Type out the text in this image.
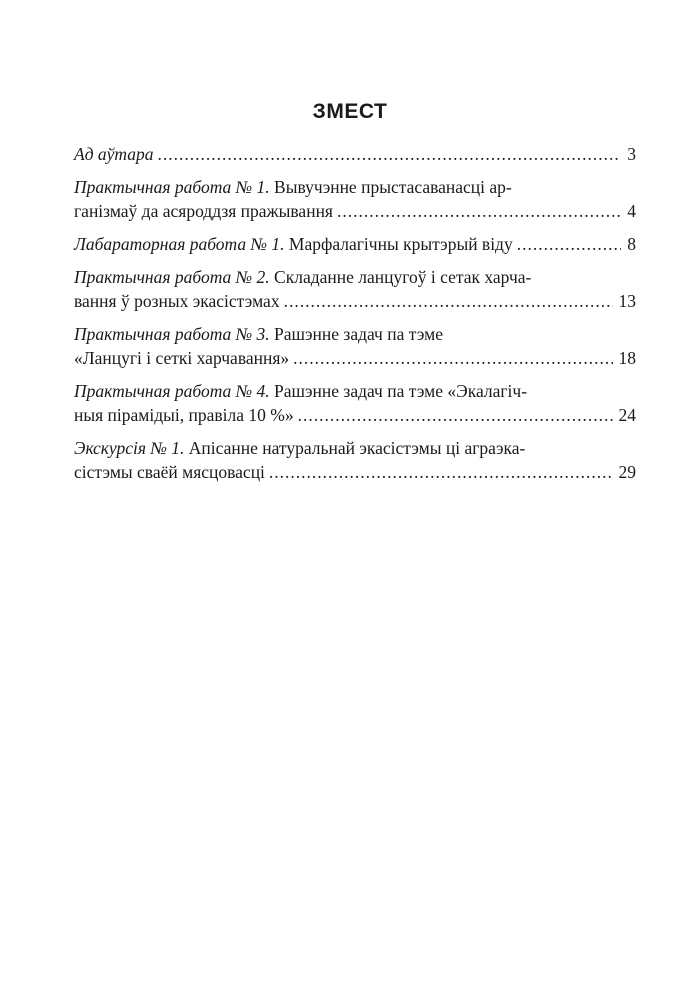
ЗМЕСТ
Ад аўтара .....	3
Практычная работа № 1. Вывучэнне прыстасаванасці ар-
ганізмаў да асяроддзя пражывання .....	4
Лабараторная работа № 1.
Марфалагічны крытэрый віду .....	8
Практычная работа № 2. Складанне ланцугоў і сетак харча-
вання ў розных экасістэмах .....	13
Практычная работа № 3. Рашэнне задач па тэме
«Ланцугі і сеткі харчавання» .....	18
Практычная работа № 4. Рашэнне задач па тэме «Экалагіч-
ныя пірамідыі, правіла 10 %» .....	24
Экскурсія № 1. Апісанне натуральнай экасістэмы ці аграэка-
сістэмы сваёй мясцовасці .....	29
